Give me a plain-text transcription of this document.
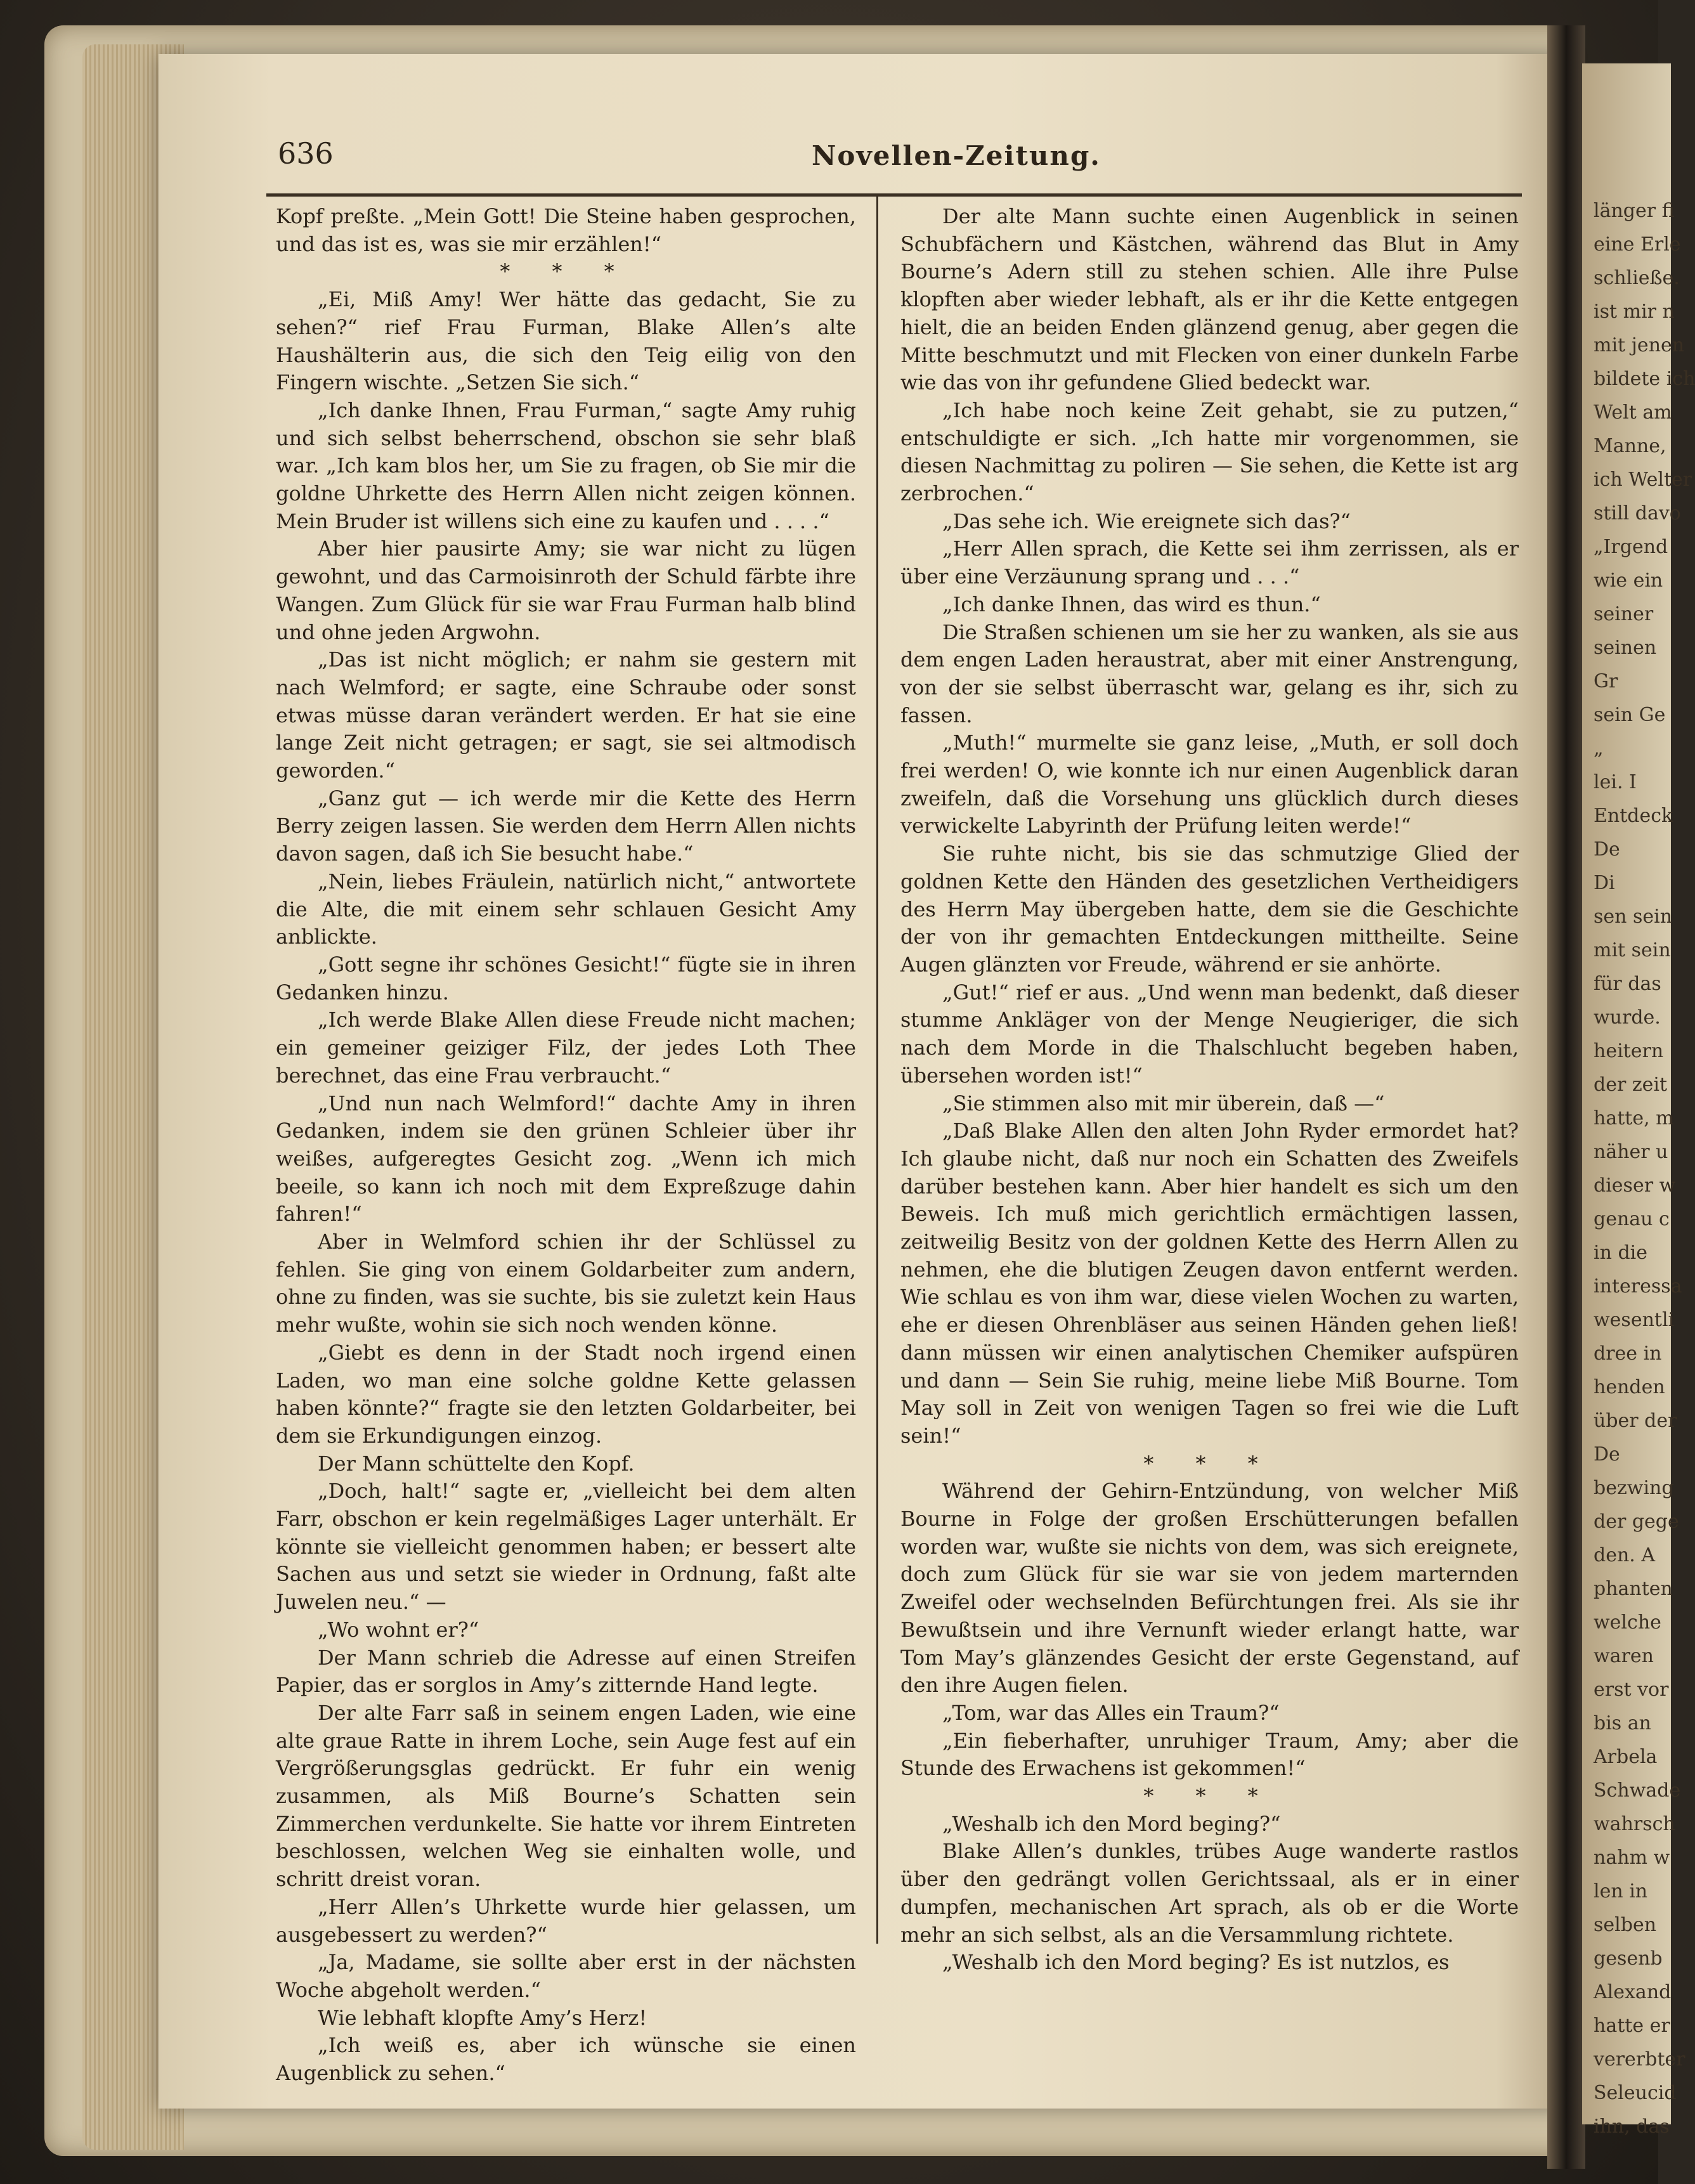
länger fi
eine Erle
schließe.
ist mir n
mit jenen
bildete ich
Welt am
Manne,
ich Welter
still davo
„Irgend
wie ein
seiner
seinen
Gr
sein Ge
„
lei. I
Entdeck
De
Di
sen sein
mit sein
für das
wurde.
heitern
der zeit
hatte, m
näher u
dieser w
genau c
in die
interessa
wesentli
dree in
henden
über der
De
bezwing
der gege
den. A
phanten
welche
waren
erst vor
bis an
Arbela
Schwade
wahrsch
nahm w
len in
selben
gesenb
Alexand
hatte er
vererbter
Seleucid
ihn, das
636	Novellen-Zeitung.

Kopf preßte. „Mein Gott! Die Steine haben gesprochen, und das ist es, was sie mir erzählen!“

* * *

„Ei, Miß Amy! Wer hätte das gedacht, Sie zu sehen?“ rief Frau Furman, Blake Allen’s alte Haushälterin aus, die sich den Teig eilig von den Fingern wischte. „Setzen Sie sich.“

„Ich danke Ihnen, Frau Furman,“ sagte Amy ruhig und sich selbst beherrschend, obschon sie sehr blaß war. „Ich kam blos her, um Sie zu fragen, ob Sie mir die goldne Uhrkette des Herrn Allen nicht zeigen können. Mein Bruder ist willens sich eine zu kaufen und . . . .“

Aber hier pausirte Amy; sie war nicht zu lügen gewohnt, und das Carmoisinroth der Schuld färbte ihre Wangen. Zum Glück für sie war Frau Furman halb blind und ohne jeden Argwohn.

„Das ist nicht möglich; er nahm sie gestern mit nach Welmford; er sagte, eine Schraube oder sonst etwas müsse daran verändert werden. Er hat sie eine lange Zeit nicht getragen; er sagt, sie sei altmodisch geworden.“

„Ganz gut — ich werde mir die Kette des Herrn Berry zeigen lassen. Sie werden dem Herrn Allen nichts davon sagen, daß ich Sie besucht habe.“

„Nein, liebes Fräulein, natürlich nicht,“ antwortete die Alte, die mit einem sehr schlauen Gesicht Amy anblickte.

„Gott segne ihr schönes Gesicht!“ fügte sie in ihren Gedanken hinzu.

„Ich werde Blake Allen diese Freude nicht machen; ein gemeiner geiziger Filz, der jedes Loth Thee berechnet, das eine Frau verbraucht.“

„Und nun nach Welmford!“ dachte Amy in ihren Gedanken, indem sie den grünen Schleier über ihr weißes, aufgeregtes Gesicht zog. „Wenn ich mich beeile, so kann ich noch mit dem Expreßzuge dahin fahren!“

Aber in Welmford schien ihr der Schlüssel zu fehlen. Sie ging von einem Goldarbeiter zum andern, ohne zu finden, was sie suchte, bis sie zuletzt kein Haus mehr wußte, wohin sie sich noch wenden könne.

„Giebt es denn in der Stadt noch irgend einen Laden, wo man eine solche goldne Kette gelassen haben könnte?“ fragte sie den letzten Goldarbeiter, bei dem sie Erkundigungen einzog.

Der Mann schüttelte den Kopf.

„Doch, halt!“ sagte er, „vielleicht bei dem alten Farr, obschon er kein regelmäßiges Lager unterhält. Er könnte sie vielleicht genommen haben; er bessert alte Sachen aus und setzt sie wieder in Ordnung, faßt alte Juwelen neu.“ —

„Wo wohnt er?“

Der Mann schrieb die Adresse auf einen Streifen Papier, das er sorglos in Amy’s zitternde Hand legte.

Der alte Farr saß in seinem engen Laden, wie eine alte graue Ratte in ihrem Loche, sein Auge fest auf ein Vergrößerungsglas gedrückt. Er fuhr ein wenig zusammen, als Miß Bourne’s Schatten sein Zimmerchen verdunkelte. Sie hatte vor ihrem Eintreten beschlossen, welchen Weg sie einhalten wolle, und schritt dreist voran.

„Herr Allen’s Uhrkette wurde hier gelassen, um ausgebessert zu werden?“

„Ja, Madame, sie sollte aber erst in der nächsten Woche abgeholt werden.“

Wie lebhaft klopfte Amy’s Herz!

„Ich weiß es, aber ich wünsche sie einen Augenblick zu sehen.“

Der alte Mann suchte einen Augenblick in seinen Schubfächern und Kästchen, während das Blut in Amy Bourne’s Adern still zu stehen schien. Alle ihre Pulse klopften aber wieder lebhaft, als er ihr die Kette entgegen hielt, die an beiden Enden glänzend genug, aber gegen die Mitte beschmutzt und mit Flecken von einer dunkeln Farbe wie das von ihr gefundene Glied bedeckt war.

„Ich habe noch keine Zeit gehabt, sie zu putzen,“ entschuldigte er sich. „Ich hatte mir vorgenommen, sie diesen Nachmittag zu poliren — Sie sehen, die Kette ist arg zerbrochen.“

„Das sehe ich. Wie ereignete sich das?“

„Herr Allen sprach, die Kette sei ihm zerrissen, als er über eine Verzäunung sprang und . . .“

„Ich danke Ihnen, das wird es thun.“

Die Straßen schienen um sie her zu wanken, als sie aus dem engen Laden heraustrat, aber mit einer Anstrengung, von der sie selbst überrascht war, gelang es ihr, sich zu fassen.

„Muth!“ murmelte sie ganz leise, „Muth, er soll doch frei werden! O, wie konnte ich nur einen Augenblick daran zweifeln, daß die Vorsehung uns glücklich durch dieses verwickelte Labyrinth der Prüfung leiten werde!“

Sie ruhte nicht, bis sie das schmutzige Glied der goldnen Kette den Händen des gesetzlichen Vertheidigers des Herrn May übergeben hatte, dem sie die Geschichte der von ihr gemachten Entdeckungen mittheilte. Seine Augen glänzten vor Freude, während er sie anhörte.

„Gut!“ rief er aus. „Und wenn man bedenkt, daß dieser stumme Ankläger von der Menge Neugieriger, die sich nach dem Morde in die Thalschlucht begeben haben, übersehen worden ist!“

„Sie stimmen also mit mir überein, daß —“

„Daß Blake Allen den alten John Ryder ermordet hat? Ich glaube nicht, daß nur noch ein Schatten des Zweifels darüber bestehen kann. Aber hier handelt es sich um den Beweis. Ich muß mich gerichtlich ermächtigen lassen, zeitweilig Besitz von der goldnen Kette des Herrn Allen zu nehmen, ehe die blutigen Zeugen davon entfernt werden. Wie schlau es von ihm war, diese vielen Wochen zu warten, ehe er diesen Ohrenbläser aus seinen Händen gehen ließ! dann müssen wir einen analytischen Chemiker aufspüren und dann — Sein Sie ruhig, meine liebe Miß Bourne. Tom May soll in Zeit von wenigen Tagen so frei wie die Luft sein!“

* * *

Während der Gehirn-Entzündung, von welcher Miß Bourne in Folge der großen Erschütterungen befallen worden war, wußte sie nichts von dem, was sich ereignete, doch zum Glück für sie war sie von jedem marternden Zweifel oder wechselnden Befürchtungen frei. Als sie ihr Bewußtsein und ihre Vernunft wieder erlangt hatte, war Tom May’s glänzendes Gesicht der erste Gegenstand, auf den ihre Augen fielen.

„Tom, war das Alles ein Traum?“

„Ein fieberhafter, unruhiger Traum, Amy; aber die Stunde des Erwachens ist gekommen!“

* * *

„Weshalb ich den Mord beging?“

Blake Allen’s dunkles, trübes Auge wanderte rastlos über den gedrängt vollen Gerichtssaal, als er in einer dumpfen, mechanischen Art sprach, als ob er die Worte mehr an sich selbst, als an die Versammlung richtete.

„Weshalb ich den Mord beging? Es ist nutzlos, es
